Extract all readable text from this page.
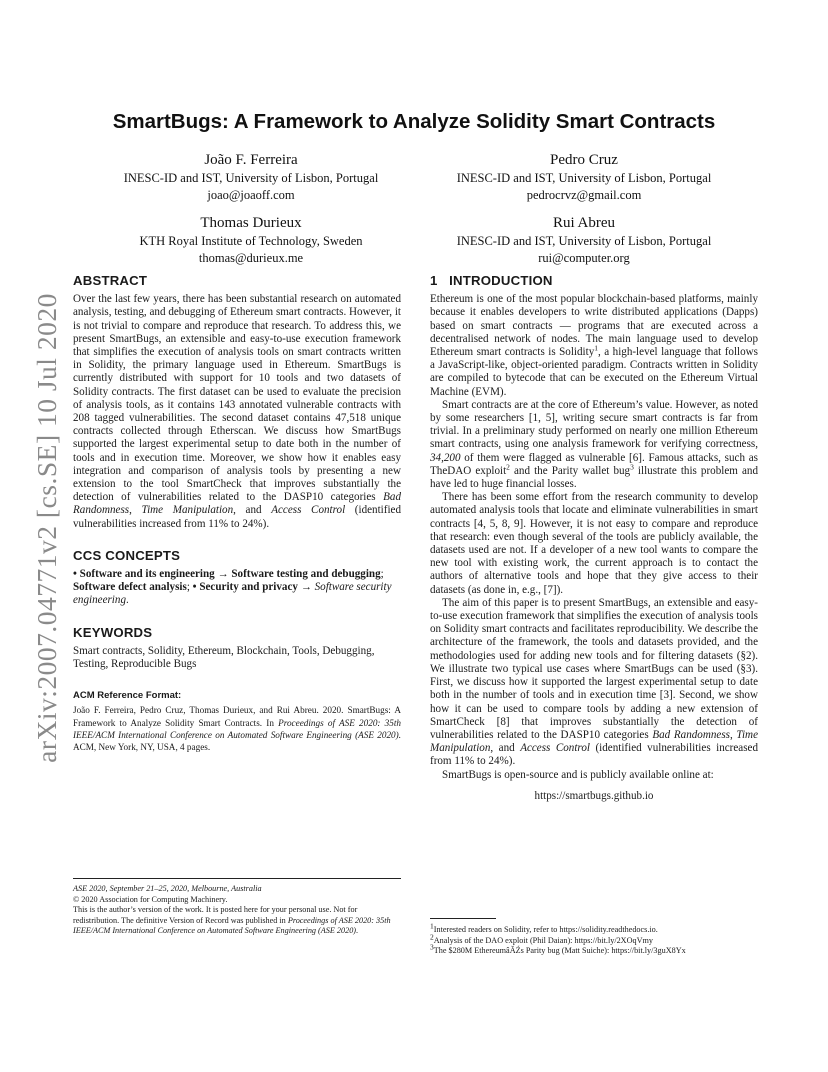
arXiv:2007.04771v2 [cs.SE] 10 Jul 2020
SmartBugs: A Framework to Analyze Solidity Smart Contracts
João F. Ferreira
INESC-ID and IST, University of Lisbon, Portugal
joao@joaoff.com
Pedro Cruz
INESC-ID and IST, University of Lisbon, Portugal
pedrocrvz@gmail.com
Thomas Durieux
KTH Royal Institute of Technology, Sweden
thomas@durieux.me
Rui Abreu
INESC-ID and IST, University of Lisbon, Portugal
rui@computer.org
ABSTRACT

Over the last few years, there has been substantial research on automated analysis, testing, and debugging of Ethereum smart contracts. However, it is not trivial to compare and reproduce that research. To address this, we present SmartBugs, an extensible and easy-to-use execution framework that simplifies the execution of analysis tools on smart contracts written in Solidity, the primary language used in Ethereum. SmartBugs is currently distributed with support for 10 tools and two datasets of Solidity contracts. The first dataset can be used to evaluate the precision of analysis tools, as it contains 143 annotated vulnerable contracts with 208 tagged vulnerabilities. The second dataset contains 47,518 unique contracts collected through Etherscan. We discuss how SmartBugs supported the largest experimental setup to date both in the number of tools and in execution time. Moreover, we show how it enables easy integration and comparison of analysis tools by presenting a new extension to the tool SmartCheck that improves substantially the detection of vulnerabilities related to the DASP10 categories Bad Randomness, Time Manipulation, and Access Control (identified vulnerabilities increased from 11% to 24%).

CCS CONCEPTS

• Software and its engineering → Software testing and debugging; Software defect analysis; • Security and privacy → Software security engineering.

KEYWORDS

Smart contracts, Solidity, Ethereum, Blockchain, Tools, Debugging, Testing, Reproducible Bugs

ACM Reference Format:

João F. Ferreira, Pedro Cruz, Thomas Durieux, and Rui Abreu. 2020. SmartBugs: A Framework to Analyze Solidity Smart Contracts. In Proceedings of ASE 2020: 35th IEEE/ACM International Conference on Automated Software Engineering (ASE 2020). ACM, New York, NY, USA, 4 pages.

ASE 2020, September 21–25, 2020, Melbourne, Australia

© 2020 Association for Computing Machinery.

This is the author’s version of the work. It is posted here for your personal use. Not for redistribution. The definitive Version of Record was published in Proceedings of ASE 2020: 35th IEEE/ACM International Conference on Automated Software Engineering (ASE 2020).

1   INTRODUCTION

Ethereum is one of the most popular blockchain-based platforms, mainly because it enables developers to write distributed applications (Dapps) based on smart contracts — programs that are executed across a decentralised network of nodes. The main language used to develop Ethereum smart contracts is Solidity$^1$, a high-level language that follows a JavaScript-like, object-oriented paradigm. Contracts written in Solidity are compiled to bytecode that can be executed on the Ethereum Virtual Machine (EVM).

Smart contracts are at the core of Ethereum’s value. However, as noted by some researchers [1, 5], writing secure smart contracts is far from trivial. In a preliminary study performed on nearly one million Ethereum smart contracts, using one analysis framework for verifying correctness, 34,200 of them were flagged as vulnerable [6]. Famous attacks, such as TheDAO exploit$^2$ and the Parity wallet bug$^3$ illustrate this problem and have led to huge financial losses.

There has been some effort from the research community to develop automated analysis tools that locate and eliminate vulnerabilities in smart contracts [4, 5, 8, 9]. However, it is not easy to compare and reproduce that research: even though several of the tools are publicly available, the datasets used are not. If a developer of a new tool wants to compare the new tool with existing work, the current approach is to contact the authors of alternative tools and hope that they give access to their datasets (as done in, e.g., [7]).

The aim of this paper is to present SmartBugs, an extensible and easy-to-use execution framework that simplifies the execution of analysis tools on Solidity smart contracts and facilitates reproducibility. We describe the architecture of the framework, the tools and datasets provided, and the methodologies used for adding new tools and for filtering datasets (§2). We illustrate two typical use cases where SmartBugs can be used (§3). First, we discuss how it supported the largest experimental setup to date both in the number of tools and in execution time [3]. Second, we show how it can be used to compare tools by adding a new extension of SmartCheck [8] that improves substantially the detection of vulnerabilities related to the DASP10 categories Bad Randomness, Time Manipulation, and Access Control (identified vulnerabilities increased from 11% to 24%).

SmartBugs is open-source and is publicly available online at:

https://smartbugs.github.io

1Interested readers on Solidity, refer to https://solidity.readthedocs.io.

2Analysis of the DAO exploit (Phil Daian): https://bit.ly/2XOqVmy

3The $280M EthereumâĂŹs Parity bug (Matt Suiche): https://bit.ly/3guX8Yx
